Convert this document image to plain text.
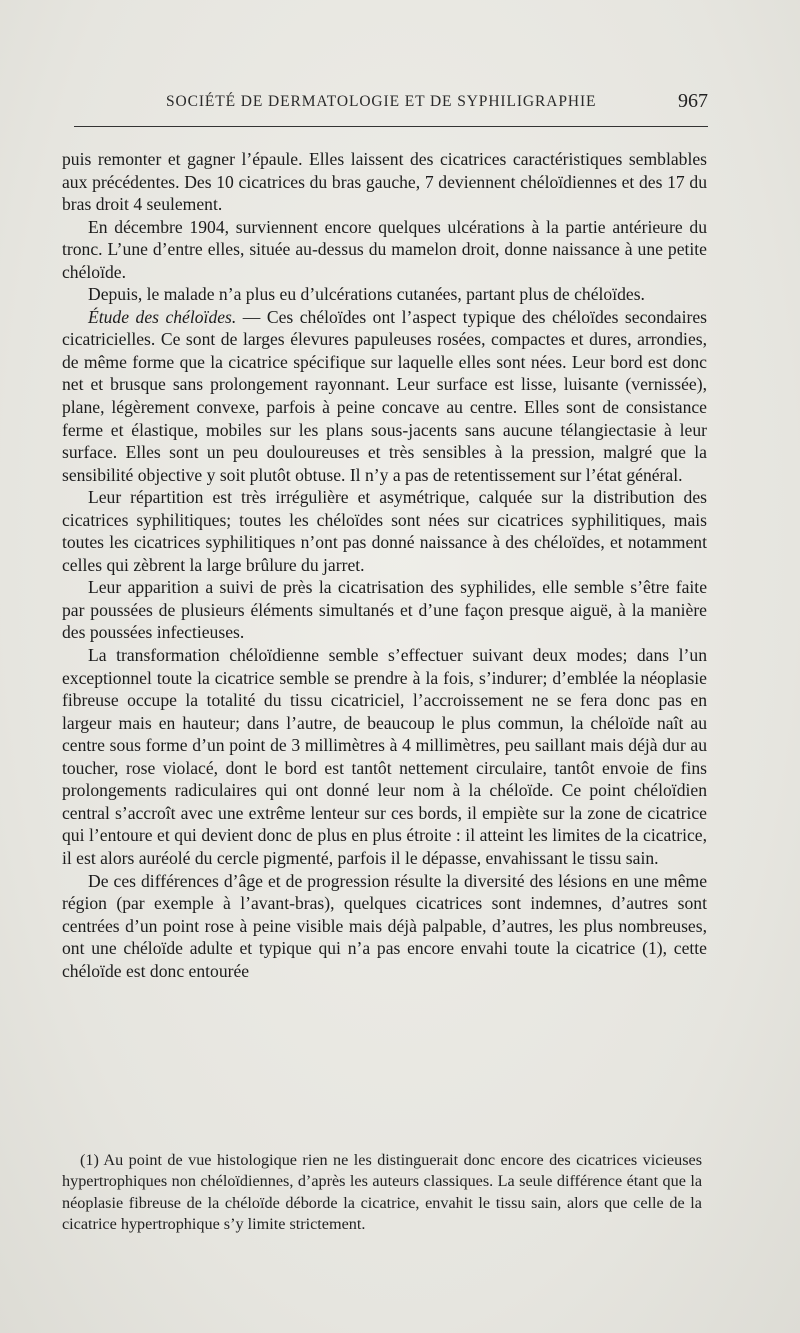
SOCIÉTÉ DE DERMATOLOGIE ET DE SYPHILIGRAPHIE	967

puis remonter et gagner l’épaule. Elles laissent des cicatrices caractéristiques semblables aux précédentes. Des 10 cicatrices du bras gauche, 7 deviennent chéloïdiennes et des 17 du bras droit 4 seulement.

En décembre 1904, surviennent encore quelques ulcérations à la partie antérieure du tronc. L’une d’entre elles, située au-dessus du mamelon droit, donne naissance à une petite chéloïde.

Depuis, le malade n’a plus eu d’ulcérations cutanées, partant plus de chéloïdes.

Étude des chéloïdes. — Ces chéloïdes ont l’aspect typique des chéloïdes secondaires cicatricielles. Ce sont de larges élevures papuleuses rosées, compactes et dures, arrondies, de même forme que la cicatrice spécifique sur laquelle elles sont nées. Leur bord est donc net et brusque sans prolongement rayonnant. Leur surface est lisse, luisante (vernissée), plane, légèrement convexe, parfois à peine concave au centre. Elles sont de consistance ferme et élastique, mobiles sur les plans sous-jacents sans aucune télangiectasie à leur surface. Elles sont un peu douloureuses et très sensibles à la pression, malgré que la sensibilité objective y soit plutôt obtuse. Il n’y a pas de retentissement sur l’état général.

Leur répartition est très irrégulière et asymétrique, calquée sur la distribution des cicatrices syphilitiques; toutes les chéloïdes sont nées sur cicatrices syphilitiques, mais toutes les cicatrices syphilitiques n’ont pas donné naissance à des chéloïdes, et notamment celles qui zèbrent la large brûlure du jarret.

Leur apparition a suivi de près la cicatrisation des syphilides, elle semble s’être faite par poussées de plusieurs éléments simultanés et d’une façon presque aiguë, à la manière des poussées infectieuses.

La transformation chéloïdienne semble s’effectuer suivant deux modes; dans l’un exceptionnel toute la cicatrice semble se prendre à la fois, s’indurer; d’emblée la néoplasie fibreuse occupe la totalité du tissu cicatriciel, l’accroissement ne se fera donc pas en largeur mais en hauteur; dans l’autre, de beaucoup le plus commun, la chéloïde naît au centre sous forme d’un point de 3 millimètres à 4 millimètres, peu saillant mais déjà dur au toucher, rose violacé, dont le bord est tantôt nettement circulaire, tantôt envoie de fins prolongements radiculaires qui ont donné leur nom à la chéloïde. Ce point chéloïdien central s’accroît avec une extrême lenteur sur ces bords, il empiète sur la zone de cicatrice qui l’entoure et qui devient donc de plus en plus étroite : il atteint les limites de la cicatrice, il est alors auréolé du cercle pigmenté, parfois il le dépasse, envahissant le tissu sain.

De ces différences d’âge et de progression résulte la diversité des lésions en une même région (par exemple à l’avant-bras), quelques cicatrices sont indemnes, d’autres sont centrées d’un point rose à peine visible mais déjà palpable, d’autres, les plus nombreuses, ont une chéloïde adulte et typique qui n’a pas encore envahi toute la cicatrice (1), cette chéloïde est donc entourée

(1) Au point de vue histologique rien ne les distinguerait donc encore des cicatrices vicieuses hypertrophiques non chéloïdiennes, d’après les auteurs classiques. La seule différence étant que la néoplasie fibreuse de la chéloïde déborde la cicatrice, envahit le tissu sain, alors que celle de la cicatrice hypertrophique s’y limite strictement.
